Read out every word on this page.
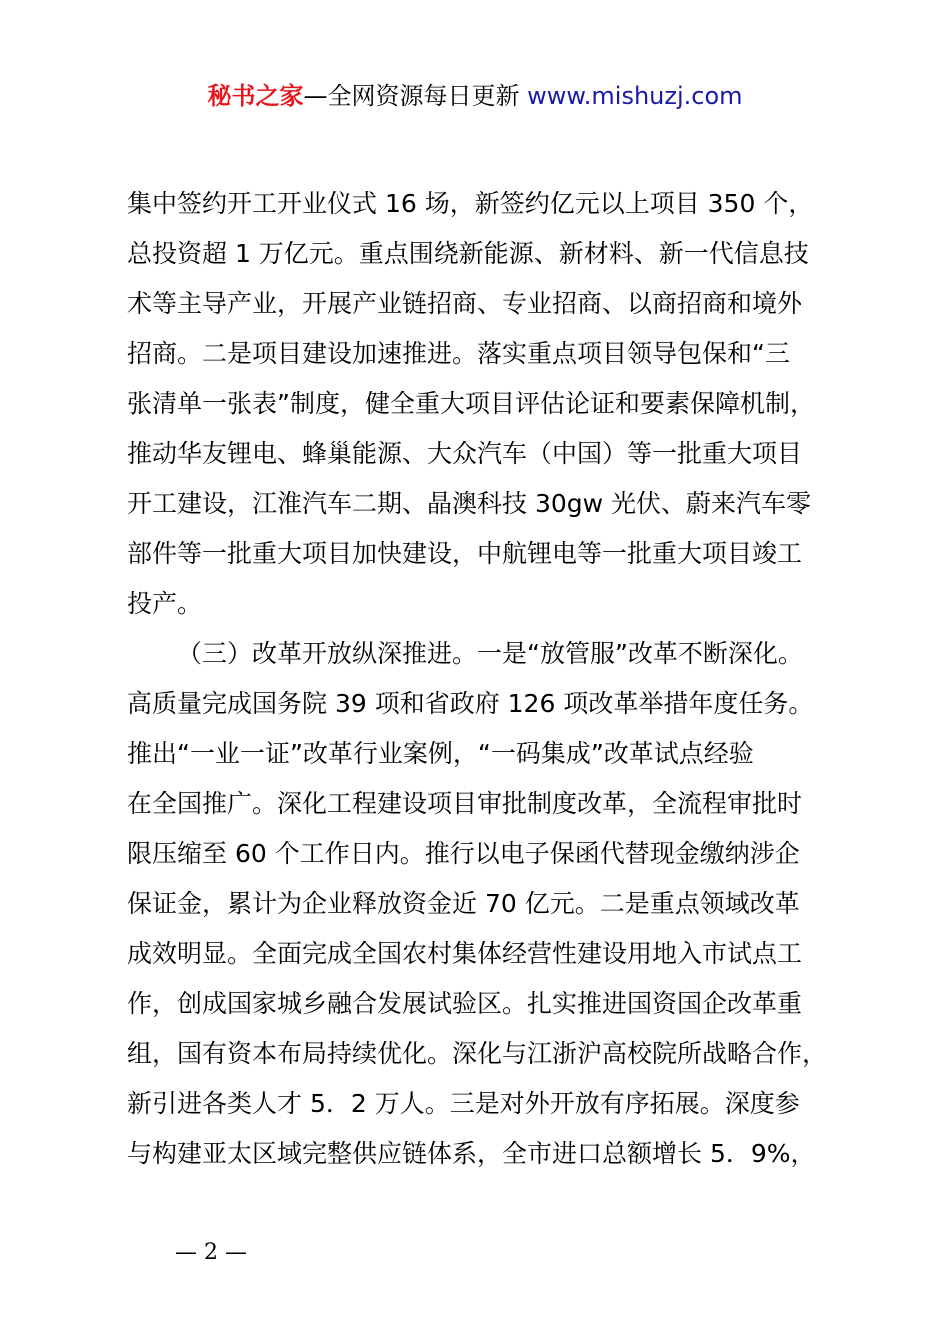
秘书之家—全网资源每日更新 www.mishuzj.com
集中签约开工开业仪式 16 场，新签约亿元以上项目 350 个，
总投资超 1 万亿元。重点围绕新能源、新材料、新一代信息技
术等主导产业，开展产业链招商、专业招商、以商招商和境外
招商。二是项目建设加速推进。落实重点项目领导包保和“三
张清单一张表”制度，健全重大项目评估论证和要素保障机制，
推动华友锂电、蜂巢能源、大众汽车（中国）等一批重大项目
开工建设，江淮汽车二期、晶澳科技 30gw 光伏、蔚来汽车零
部件等一批重大项目加快建设，中航锂电等一批重大项目竣工
投产。
（三）改革开放纵深推进。一是“放管服”改革不断深化。
高质量完成国务院 39 项和省政府 126 项改革举措年度任务。
推出“一业一证”改革行业案例，“一码集成”改革试点经验
在全国推广。深化工程建设项目审批制度改革，全流程审批时
限压缩至 60 个工作日内。推行以电子保函代替现金缴纳涉企
保证金，累计为企业释放资金近 70 亿元。二是重点领域改革
成效明显。全面完成全国农村集体经营性建设用地入市试点工
作，创成国家城乡融合发展试验区。扎实推进国资国企改革重
组，国有资本布局持续优化。深化与江浙沪高校院所战略合作，
新引进各类人才 5．2 万人。三是对外开放有序拓展。深度参
与构建亚太区域完整供应链体系，全市进口总额增长 5．9%，
— 2 —
